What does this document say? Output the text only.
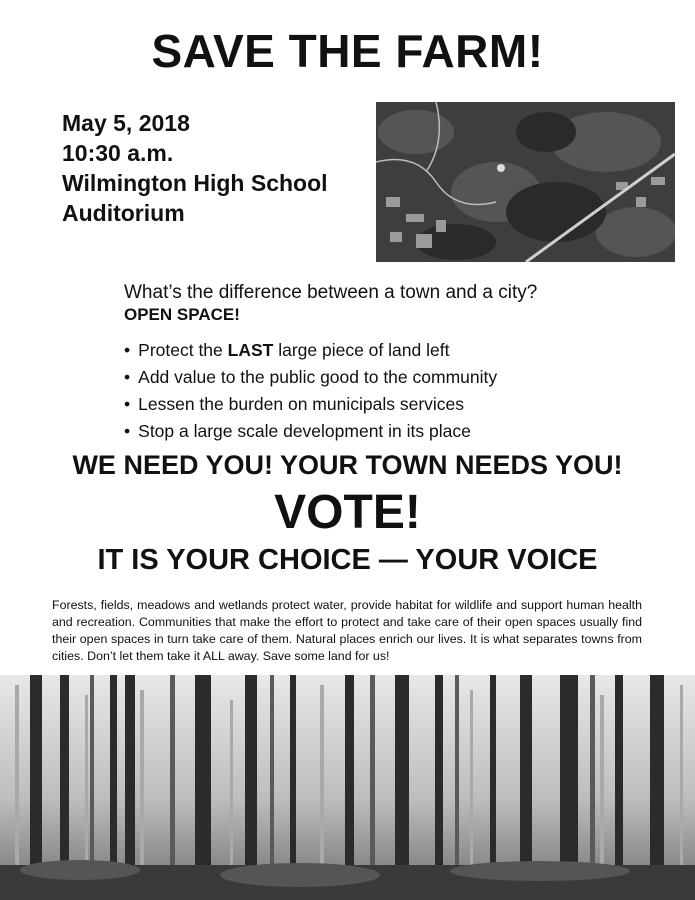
SAVE THE FARM!
May 5, 2018
10:30 a.m.
Wilmington High School
Auditorium
What’s the difference between a town and a city?
OPEN SPACE!
• Protect the LAST large piece of land left
• Add value to the public good to the community
• Lessen the burden on municipals services
• Stop a large scale development in its place
WE NEED YOU! YOUR TOWN NEEDS YOU!
VOTE!
IT IS YOUR CHOICE — YOUR VOICE
Forests, fields, meadows and wetlands protect water, provide habitat for wildlife and support human health and recreation. Communities that make the effort to protect and take care of their open spaces usually find their open spaces in turn take care of them. Natural places enrich our lives. It is what separates towns from cities. Don’t let them take it ALL away. Save some land for us!
